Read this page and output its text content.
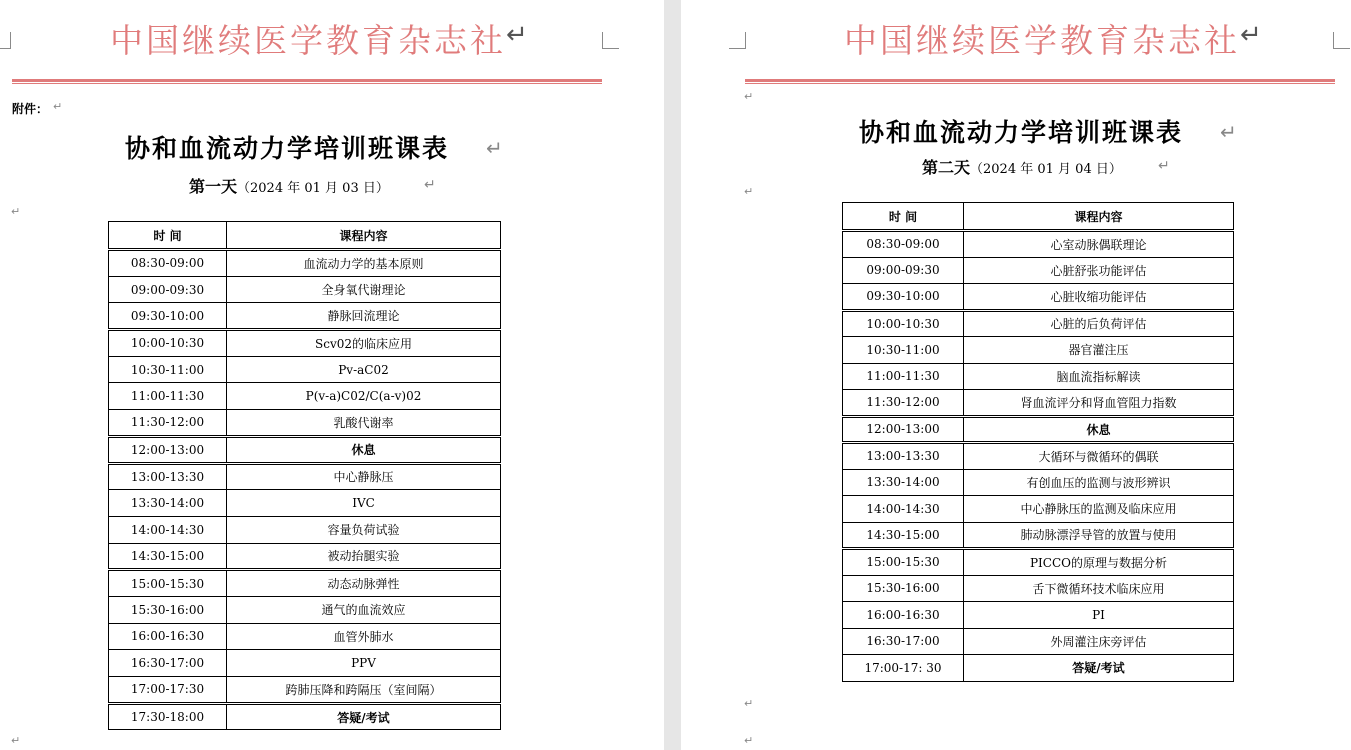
中国继续医学教育杂志社 ↵
附件： ↵
协和血流动力学培训班课表 ↵
第一天（2024 年 01 月 03 日）	↵
↵
时 间	课程内容
08:30-09:00	血流动力学的基本原则
09:00-09:30	全身氧代谢理论
09:30-10:00	静脉回流理论
10:00-10:30	Scv02的临床应用
10:30-11:00	Pv-aC02
11:00-11:30	P(v-a)C02/C(a-v)02
11:30-12:00	乳酸代谢率
12:00-13:00	休息
13:00-13:30	中心静脉压
13:30-14:00	IVC
14:00-14:30	容量负荷试验
14:30-15:00	被动抬腿实验
15:00-15:30	动态动脉弹性
15:30-16:00	通气的血流效应
16:00-16:30	血管外肺水
16:30-17:00	PPV
17:00-17:30	跨肺压降和跨隔压（室间隔）
17:30-18:00	答疑/考试
↵
中国继续医学教育杂志社 ↵
↵
协和血流动力学培训班课表 ↵
第二天（2024 年 01 月 04 日）	↵
↵
时 间	课程内容
08:30-09:00	心室动脉偶联理论
09:00-09:30	心脏舒张功能评估
09:30-10:00	心脏收缩功能评估
10:00-10:30	心脏的后负荷评估
10:30-11:00	器官灌注压
11:00-11:30	脑血流指标解读
11:30-12:00	肾血流评分和肾血管阻力指数
12:00-13:00	休息
13:00-13:30	大循环与微循环的偶联
13:30-14:00	有创血压的监测与波形辨识
14:00-14:30	中心静脉压的监测及临床应用
14:30-15:00	肺动脉漂浮导管的放置与使用
15:00-15:30	PICCO的原理与数据分析
15:30-16:00	舌下微循环技术临床应用
16:00-16:30	PI
16:30-17:00	外周灌注床旁评估
17:00-17: 30	答疑/考试
↵
↵
